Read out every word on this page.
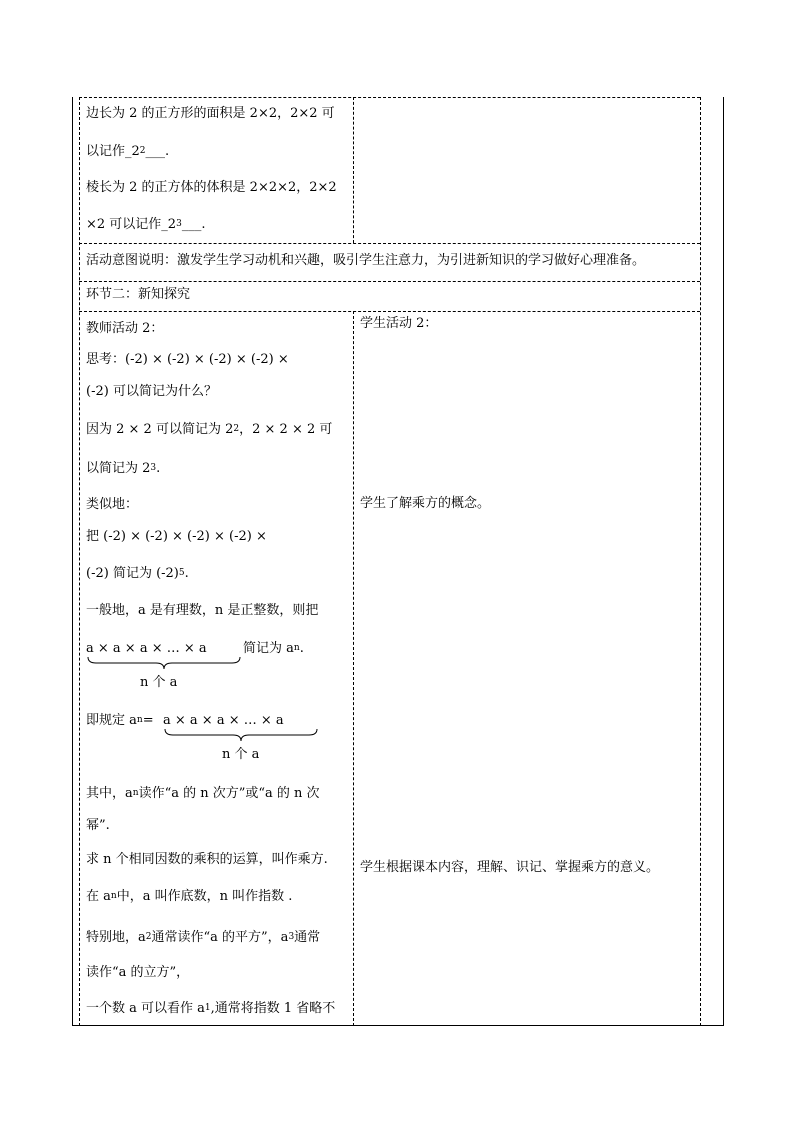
边长为 2 的正方形的面积是 2×2，2×2 可
以记作$\_2^2\_\_\_$.
棱长为 2 的正方体的体积是 2×2×2，2×2
×2 可以记作$\_2^3\_\_\_$.
活动意图说明：激发学生学习动机和兴趣，吸引学生注意力，为引进新知识的学习做好心理准备。
环节二：新知探究
教师活动 2：
思考：(-2) × (-2) × (-2) × (-2) ×
(-2) 可以简记为什么？
因为 2 × 2 可以简记为 $2^2$，2 × 2 × 2 可
以简记为 $2^3$.
类似地：
把 (-2) × (-2) × (-2) × (-2) ×
(-2) 简记为 $(-2)^5$.
一般地，a 是有理数，n 是正整数，则把
a × a × a × … × a	简记为 $a^n$.
n 个 a
即规定 $a^n= a \times a \times a$ × … × a
n 个 a
其中，$a^n$读作“a 的 n 次方”或“a 的 n 次
幂”.
求 n 个相同因数的乘积的运算，叫作乘方.
在 $a^n$中，a 叫作底数，n 叫作指数 .
特别地，$a^2$通常读作“a 的平方”，$a^3$通常
读作“a 的立方”，
一个数 a 可以看作 $a^1$,通常将指数 1 省略不
学生活动 2：
学生了解乘方的概念。
学生根据课本内容，理解、识记、掌握乘方的意义。
